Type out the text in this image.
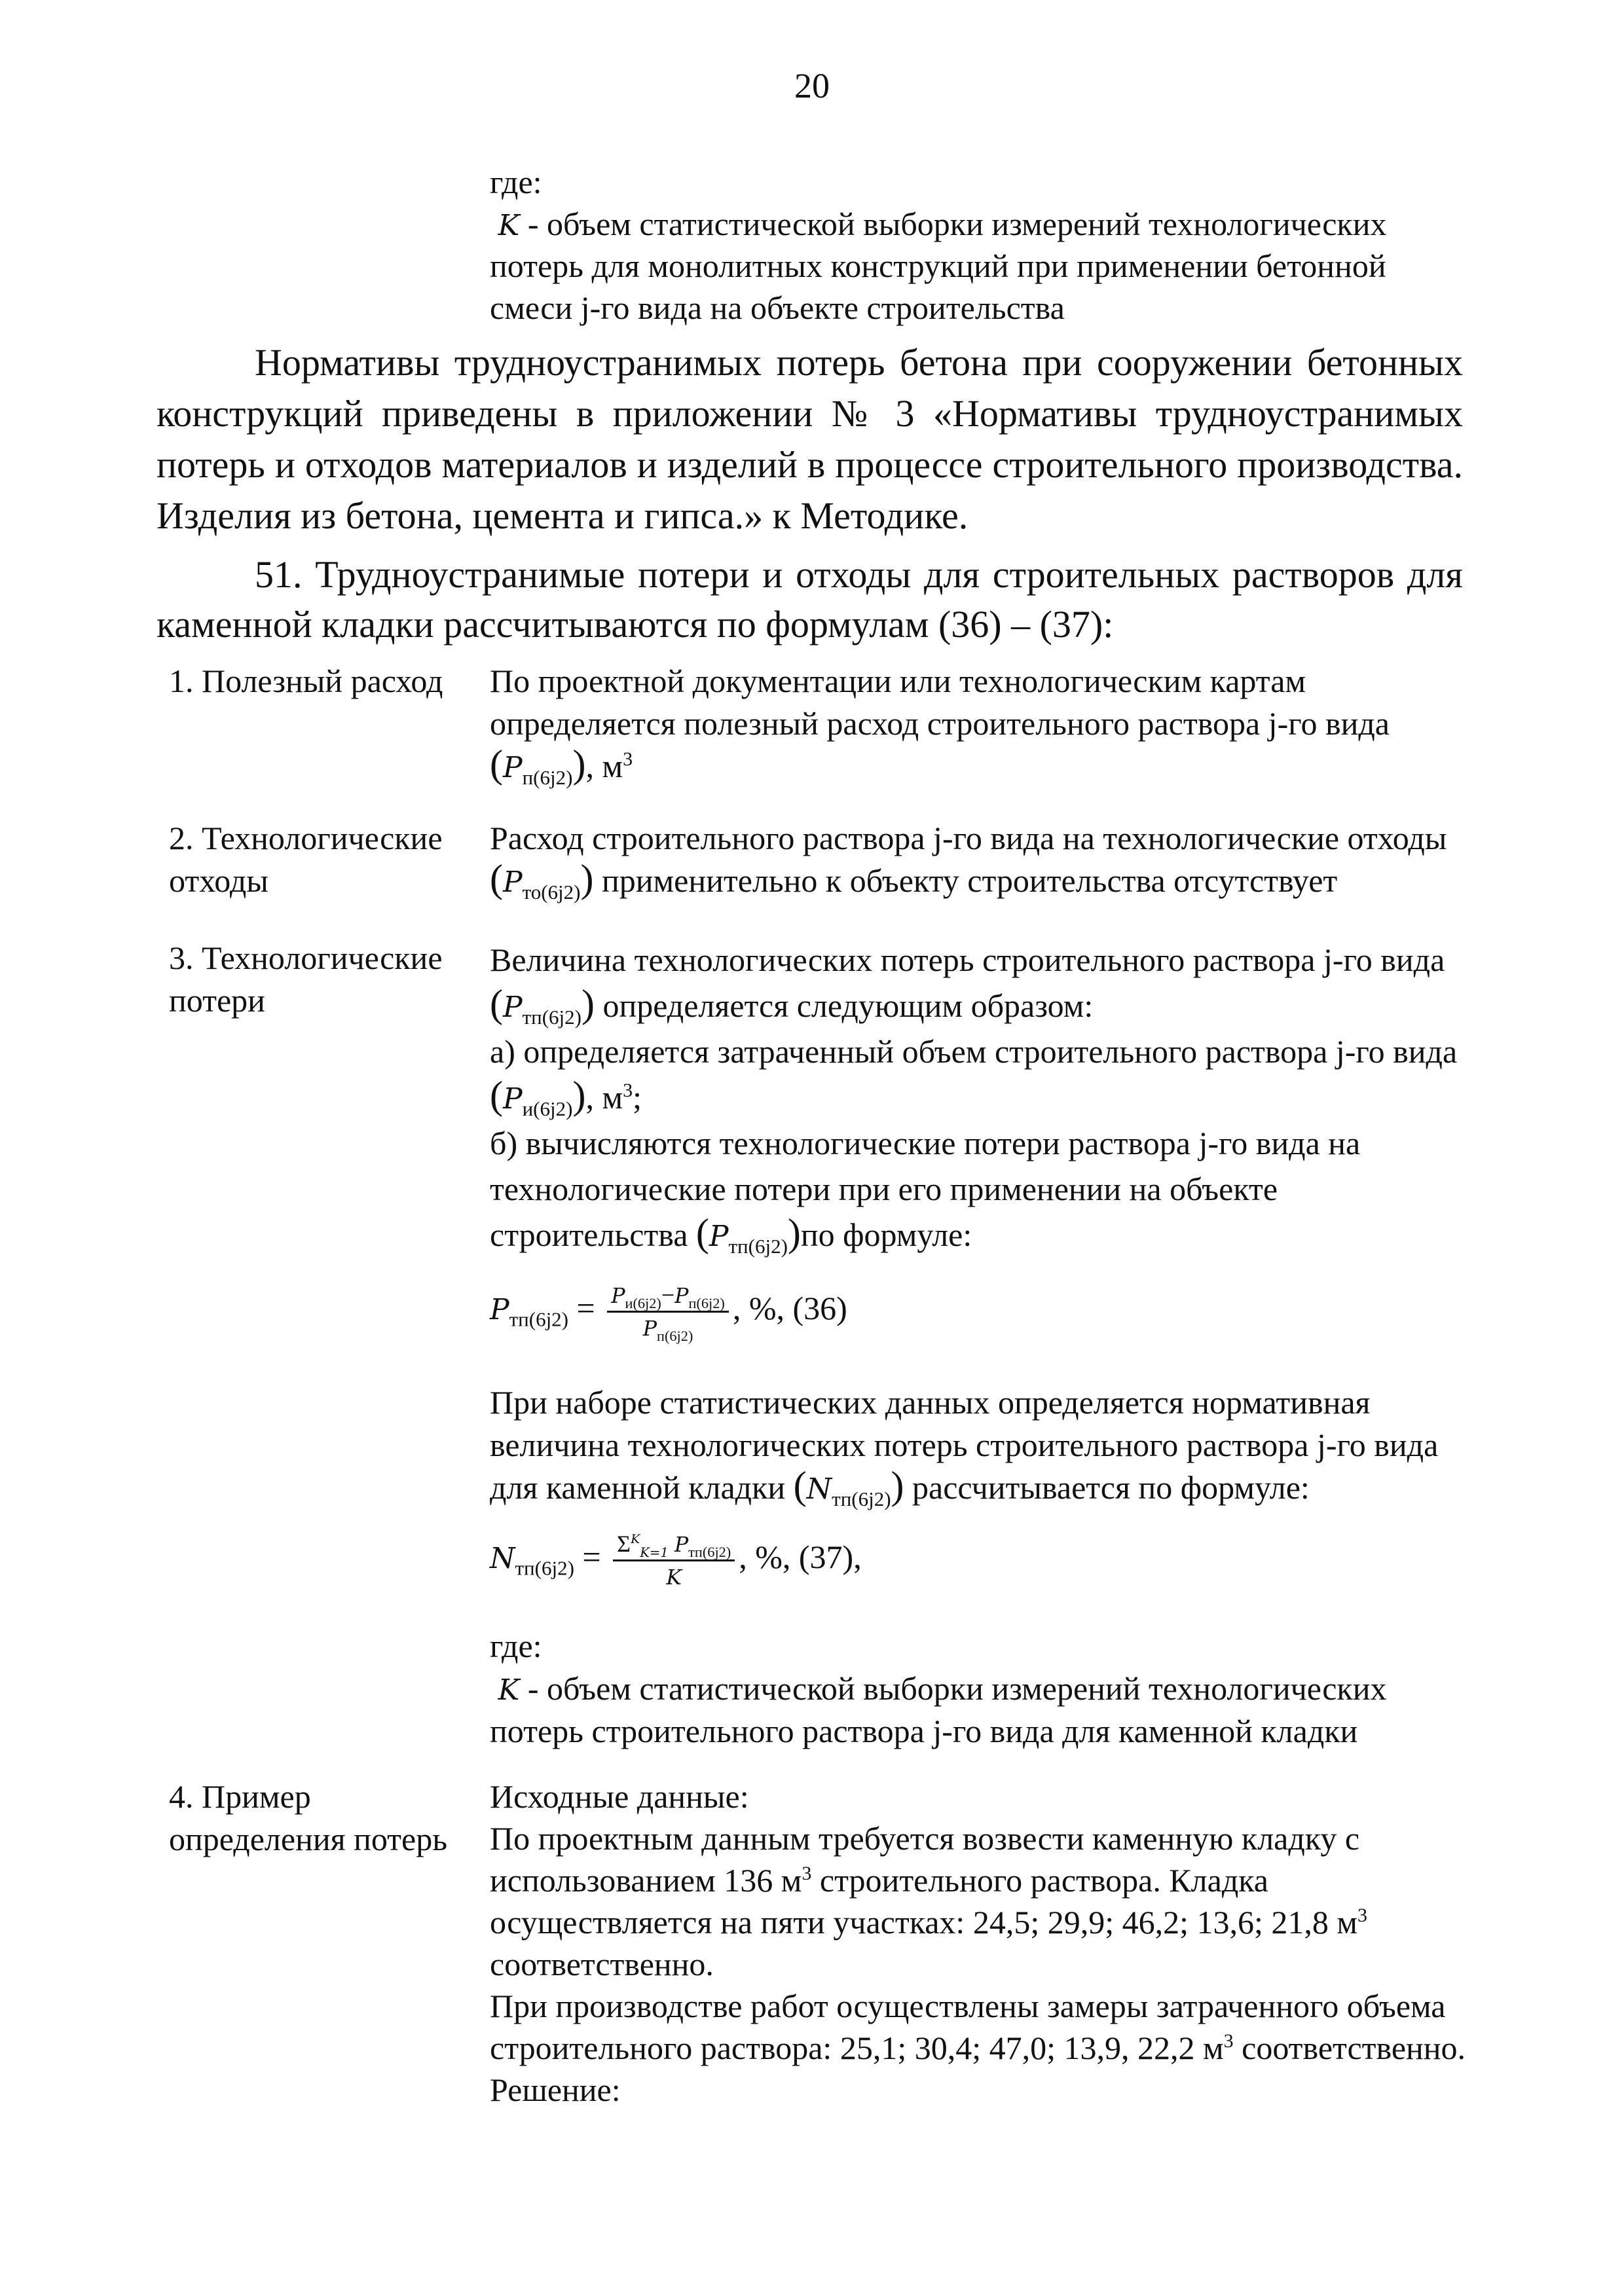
20
где:
K - объем статистической выборки измерений технологических
потерь для монолитных конструкций при применении бетонной
смеси j-го вида на объекте строительства
Нормативы трудноустранимых потерь бетона при сооружении бетонных
конструкций приведены в приложении № 3 «Нормативы трудноустранимых
потерь и отходов материалов и изделий в процессе строительного производства.
Изделия из бетона, цемента и гипса.» к Методике.
51. Трудноустранимые потери и отходы для строительных растворов для
каменной кладки рассчитываются по формулам (36) – (37):
1. Полезный расход	По проектной документации или технологическим картам
определяется полезный расход строительного раствора j-го вида
$(P_{п(6j2)})$, $м^3$
2. Технологические
отходы
Расход строительного раствора j-го вида на технологические отходы
$(P_{то(6j2)})$ применительно к объекту строительства отсутствует
3. Технологические
потери
Величина технологических потерь строительного раствора j-го вида
$(P_{тп(6j2)})$ определяется следующим образом:
а) определяется затраченный объем строительного раствора j-го вида
$(P_{и(6j2)})$, $м^3$;
б) вычисляются технологические потери раствора j-го вида на
технологические потери при его применении на объекте
строительства $(P_{тп(6j2)})по$ формуле:
$P_{тп(6j2)} = \frac{P_{и(6j2)}-P_{п(6j2)}}{P_{п(6j2)}}$ , %, (36)
При наборе статистических данных определяется нормативная
величина технологических потерь строительного раствора j-го вида
для каменной кладки $(N_{тп(6j2)})$ рассчитывается по формуле:
$N_{тп(6j2)} = \frac{\Sigma^K_{K=1} P_{тп(6j2)}}{K}$ , %, (37),
где:
K - объем статистической выборки измерений технологических
потерь строительного раствора j-го вида для каменной кладки
4. Пример
определения потерь
Исходные данные:
По проектным данным требуется возвести каменную кладку с
использованием 136 $м^3$ строительного раствора. Кладка
осуществляется на пяти участках: 24,5; 29,9; 46,2; 13,6; 21,8 $м^3$
соответственно.
При производстве работ осуществлены замеры затраченного объема
строительного раствора: 25,1; 30,4; 47,0; 13,9, 22,2 $м^3$ соответственно.
Решение:
